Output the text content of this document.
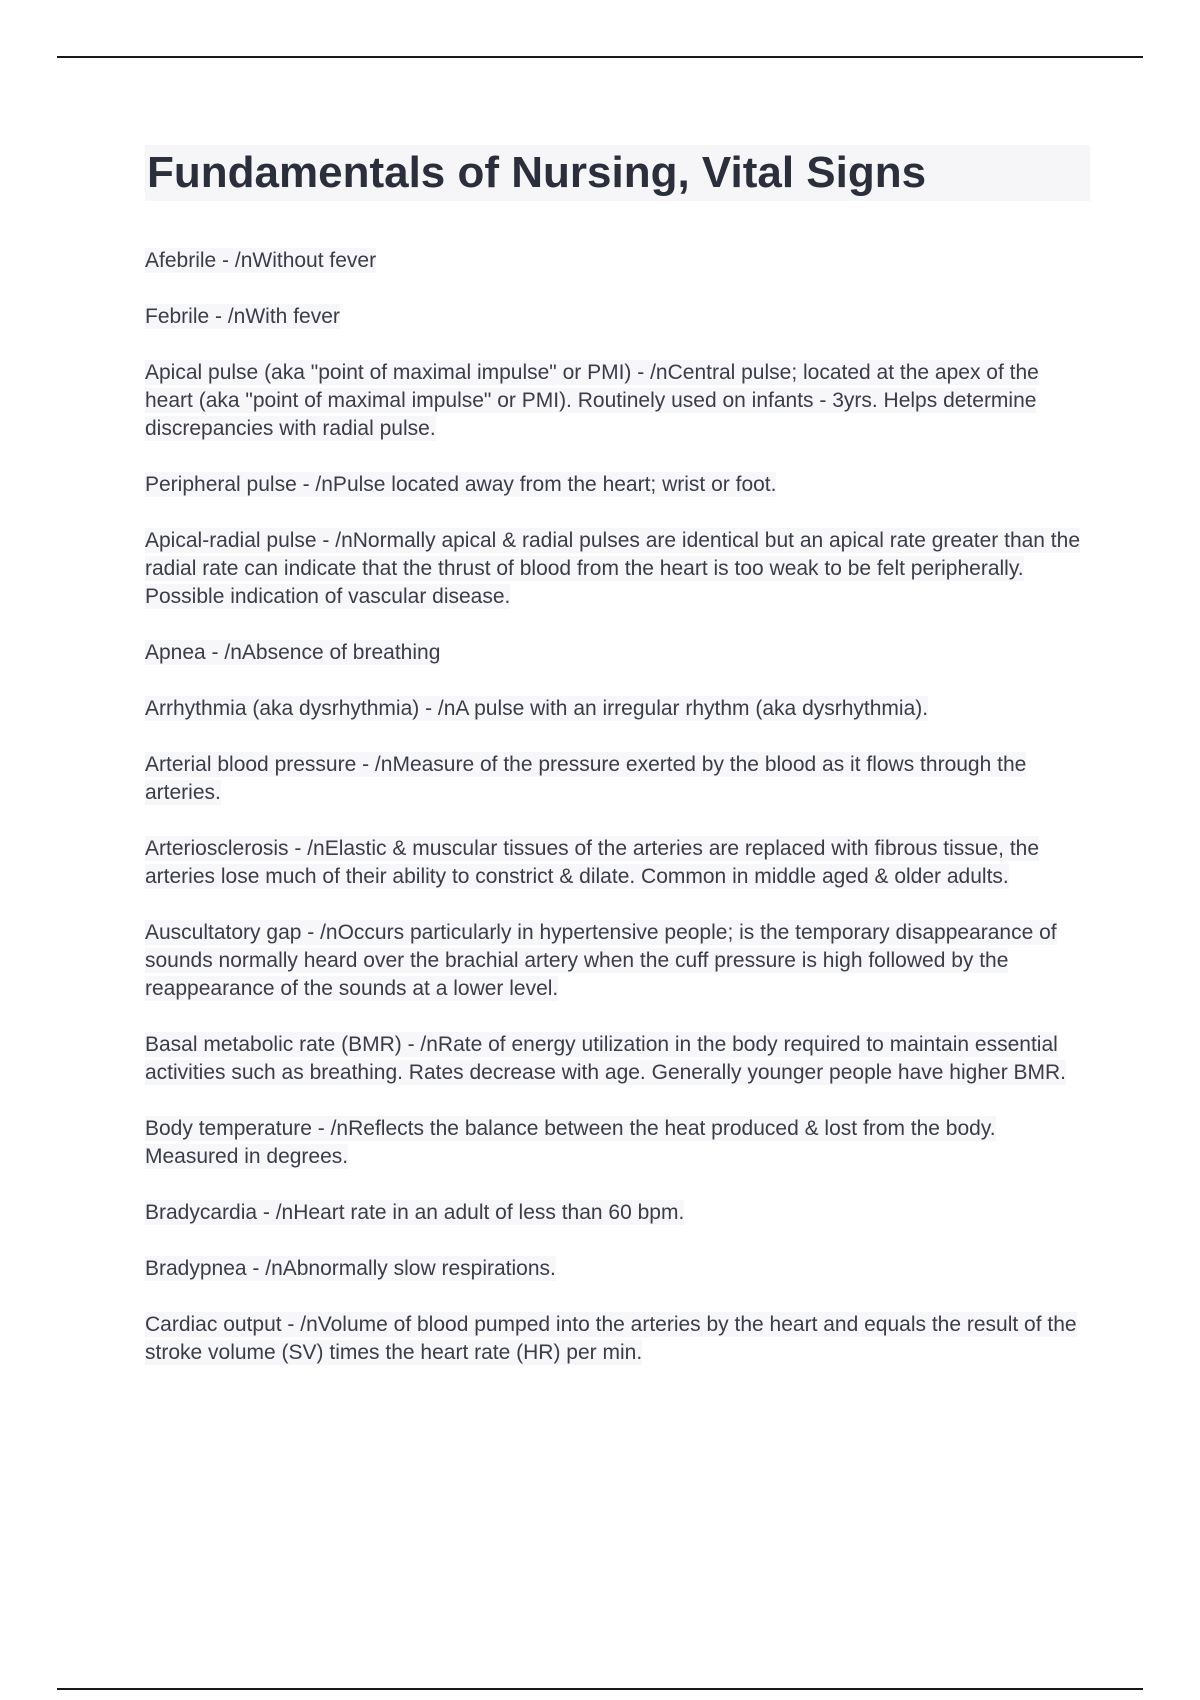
Fundamentals of Nursing, Vital Signs
Afebrile - /nWithout fever
Febrile - /nWith fever
Apical pulse (aka "point of maximal impulse" or PMI) - /nCentral pulse; located at the apex of the heart (aka "point of maximal impulse" or PMI). Routinely used on infants - 3yrs. Helps determine discrepancies with radial pulse.
Peripheral pulse - /nPulse located away from the heart; wrist or foot.
Apical-radial pulse - /nNormally apical & radial pulses are identical but an apical rate greater than the radial rate can indicate that the thrust of blood from the heart is too weak to be felt peripherally. Possible indication of vascular disease.
Apnea - /nAbsence of breathing
Arrhythmia (aka dysrhythmia) - /nA pulse with an irregular rhythm (aka dysrhythmia).
Arterial blood pressure - /nMeasure of the pressure exerted by the blood as it flows through the arteries.
Arteriosclerosis - /nElastic & muscular tissues of the arteries are replaced with fibrous tissue, the arteries lose much of their ability to constrict & dilate. Common in middle aged & older adults.
Auscultatory gap - /nOccurs particularly in hypertensive people; is the temporary disappearance of sounds normally heard over the brachial artery when the cuff pressure is high followed by the reappearance of the sounds at a lower level.
Basal metabolic rate (BMR) - /nRate of energy utilization in the body required to maintain essential activities such as breathing. Rates decrease with age. Generally younger people have higher BMR.
Body temperature - /nReflects the balance between the heat produced & lost from the body. Measured in degrees.
Bradycardia - /nHeart rate in an adult of less than 60 bpm.
Bradypnea - /nAbnormally slow respirations.
Cardiac output - /nVolume of blood pumped into the arteries by the heart and equals the result of the stroke volume (SV) times the heart rate (HR) per min.
